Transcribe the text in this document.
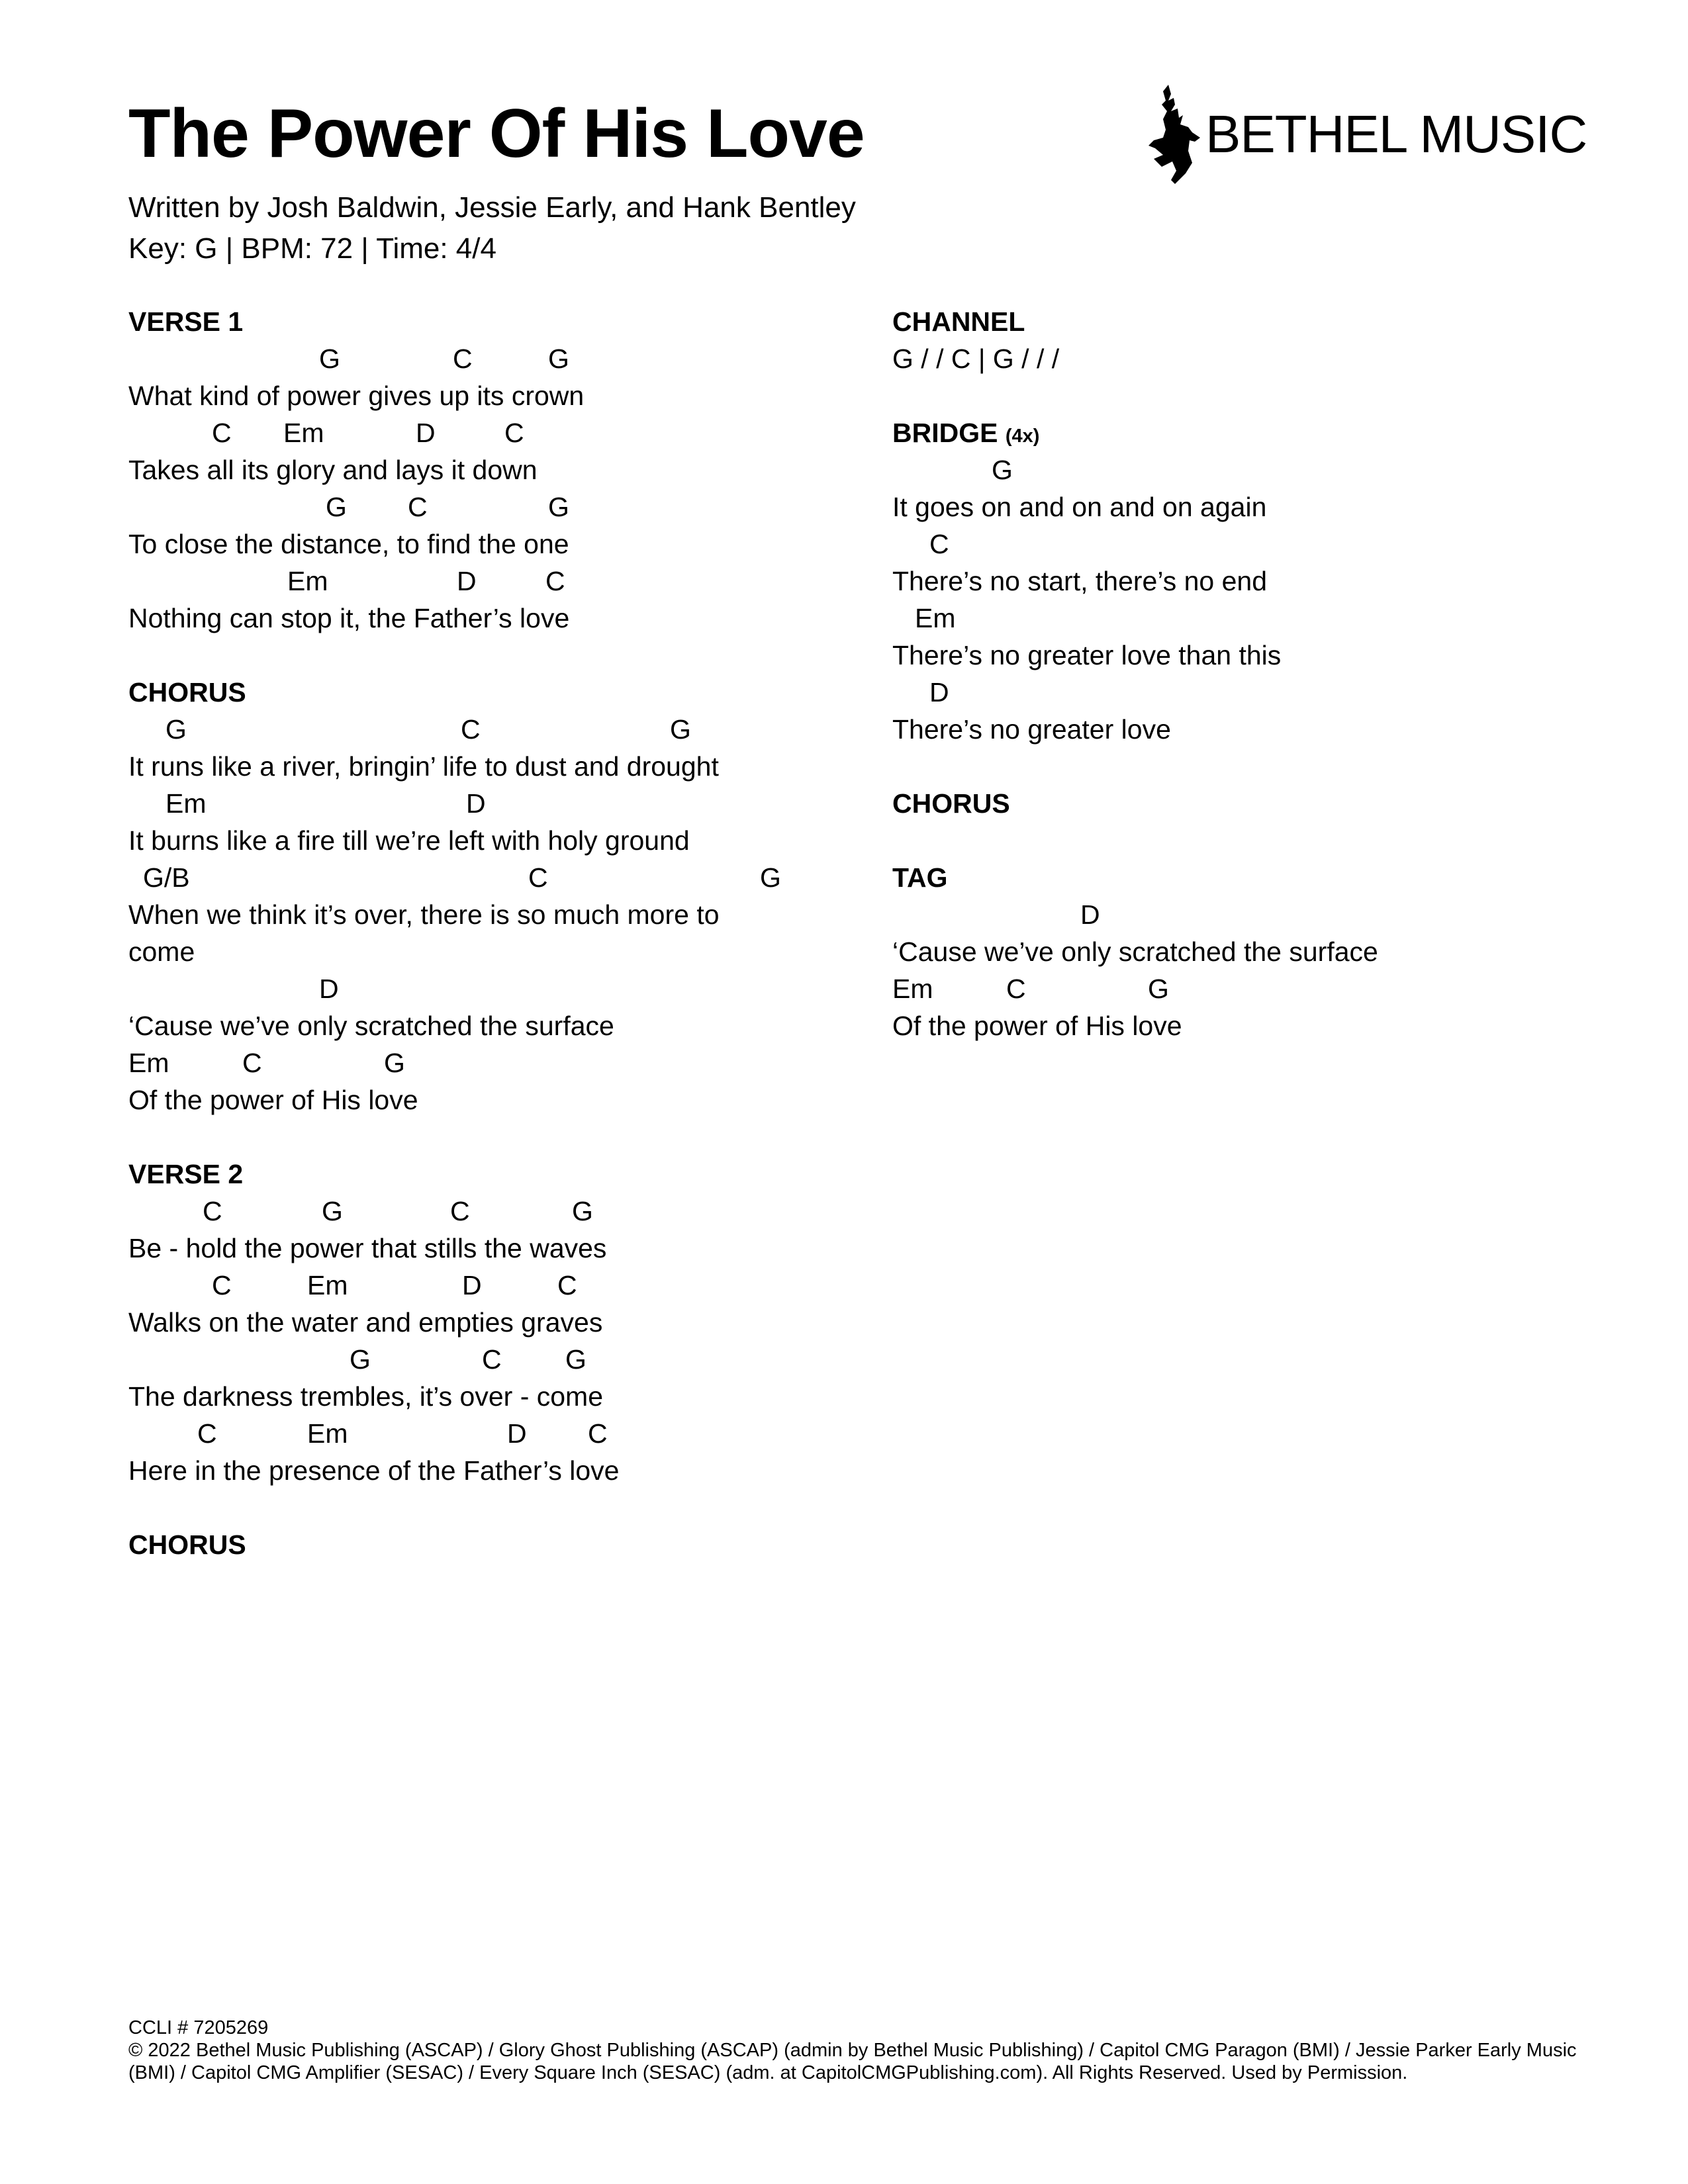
The Power Of His Love
Written by Josh Baldwin, Jessie Early, and Hank Bentley
Key: G | BPM: 72 | Time: 4/4
BETHEL MUSIC
VERSE 1
G	C	G
What kind of power gives up its crown
C Em	D	C
Takes all its glory and lays it down
G C	G
To close the distance, to find the one
Em	D	C
Nothing can stop it, the Father’s love
CHORUS
G	C	G
It runs like a river, bringin’ life to dust and drought
Em	D
It burns like a fire till we’re left with holy ground
G/B	C	G
When we think it’s over, there is so much more to come
D
‘Cause we’ve only scratched the surface
Em	C	G
Of the power of His love
VERSE 2
C	G	C	G
Be - hold the power that stills the waves
C	Em	D	C
Walks on the water and empties graves
G	C G
The darkness trembles, it’s over - come
C	Em	D C
Here in the presence of the Father’s love
CHORUS
CHANNEL
G / / C | G / / /
BRIDGE (4x)
G
It goes on and on and on again
C
There’s no start, there’s no end
Em
There’s no greater love than this
D
There’s no greater love
CHORUS
TAG
D
‘Cause we’ve only scratched the surface
Em	C	G
Of the power of His love
CCLI # 7205269
© 2022 Bethel Music Publishing (ASCAP) / Glory Ghost Publishing (ASCAP) (admin by Bethel Music Publishing) / Capitol CMG Paragon (BMI) / Jessie Parker Early Music (BMI) / Capitol CMG Amplifier (SESAC) / Every Square Inch (SESAC) (adm. at CapitolCMGPublishing.com). All Rights Reserved. Used by Permission.
